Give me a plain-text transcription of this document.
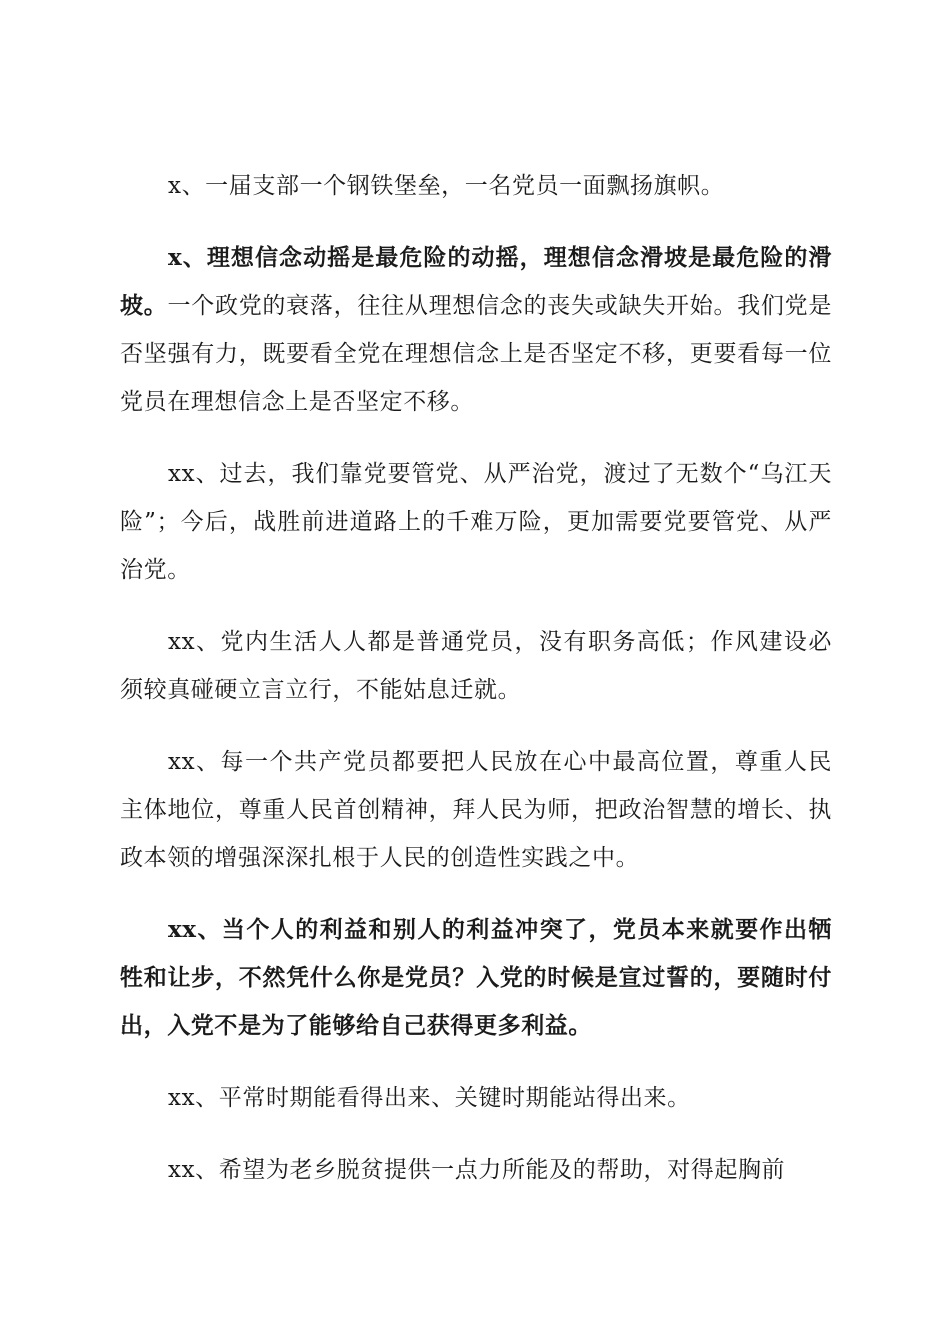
x、一届支部一个钢铁堡垒，一名党员一面飘扬旗帜。

x、理想信念动摇是最危险的动摇，理想信念滑坡是最危险的滑坡。一个政党的衰落，往往从理想信念的丧失或缺失开始。我们党是否坚强有力，既要看全党在理想信念上是否坚定不移，更要看每一位党员在理想信念上是否坚定不移。

xx、过去，我们靠党要管党、从严治党，渡过了无数个“乌江天险”；今后，战胜前进道路上的千难万险，更加需要党要管党、从严治党。

xx、党内生活人人都是普通党员，没有职务高低；作风建设必须较真碰硬立言立行，不能姑息迁就。

xx、每一个共产党员都要把人民放在心中最高位置，尊重人民主体地位，尊重人民首创精神，拜人民为师，把政治智慧的增长、执政本领的增强深深扎根于人民的创造性实践之中。

xx、当个人的利益和别人的利益冲突了，党员本来就要作出牺牲和让步，不然凭什么你是党员？入党的时候是宣过誓的，要随时付出，入党不是为了能够给自己获得更多利益。

xx、平常时期能看得出来、关键时期能站得出来。

xx、希望为老乡脱贫提供一点力所能及的帮助，对得起胸前
